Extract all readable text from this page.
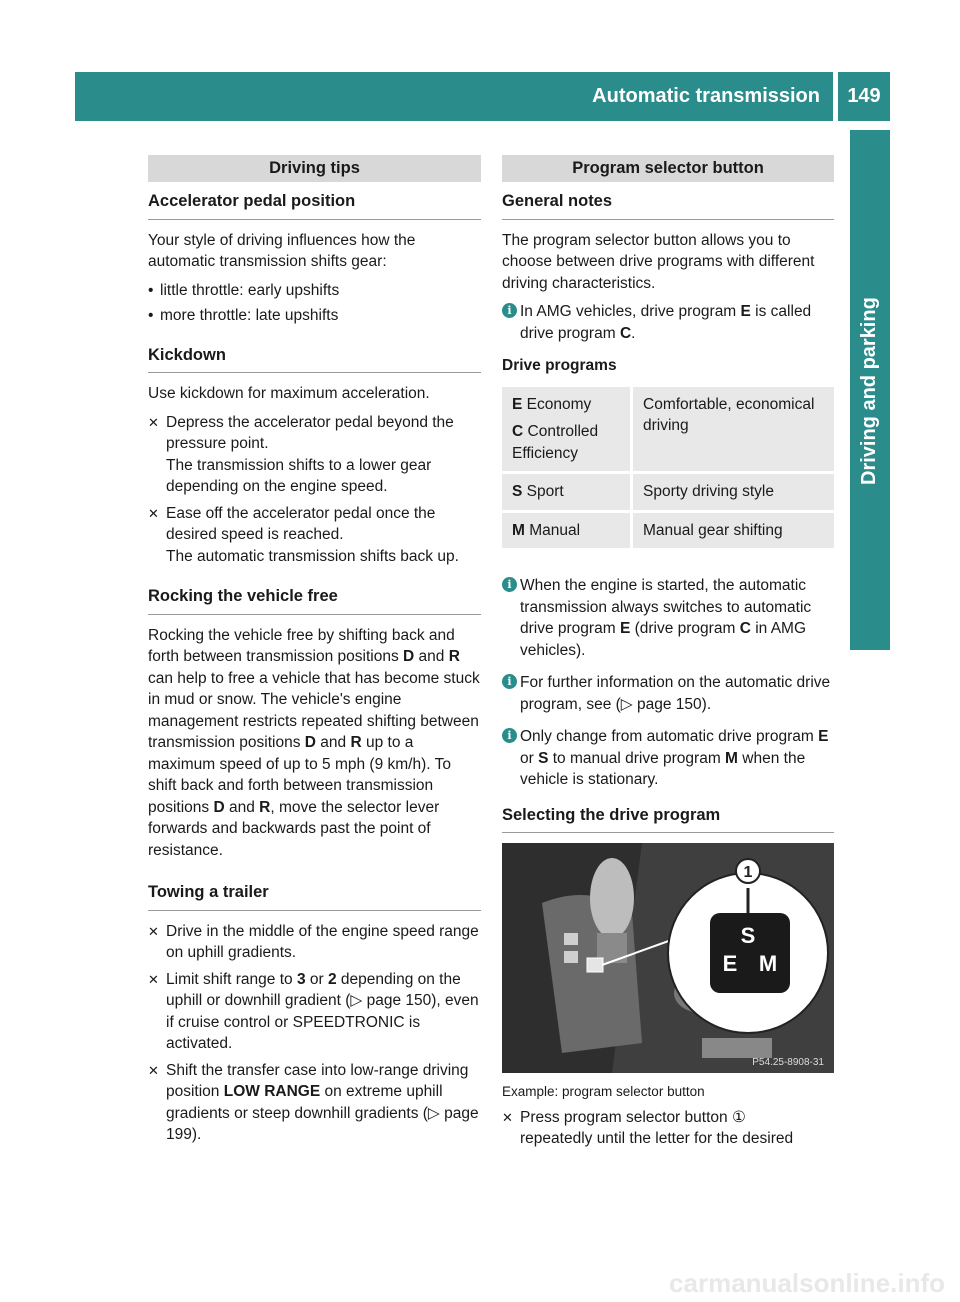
Automatic transmission	149
Driving and parking
Driving tips
Accelerator pedal position

Your style of driving influences how the automatic transmission shifts gear:

• little throttle: early upshifts
• more throttle: late upshifts
Kickdown

Use kickdown for maximum acceleration.

✕ Depress the accelerator pedal beyond the pressure point.
The transmission shifts to a lower gear depending on the engine speed.
✕ Ease off the accelerator pedal once the desired speed is reached.
The automatic transmission shifts back up.
Rocking the vehicle free

Rocking the vehicle free by shifting back and forth between transmission positions D and R can help to free a vehicle that has become stuck in mud or snow. The vehicle's engine management restricts repeated shifting between transmission positions D and R up to a maximum speed of up to 5 mph (9 km/h). To shift back and forth between transmission positions D and R, move the selector lever forwards and backwards past the point of resistance.

Towing a trailer
✕ Drive in the middle of the engine speed range on uphill gradients.
✕ Limit shift range to 3 or 2 depending on the uphill or downhill gradient (▷ page 150), even if cruise control or SPEEDTRONIC is activated.
✕ Shift the transfer case into low-range driving position LOW RANGE on extreme uphill gradients or steep downhill gradients (▷ page 199).
Program selector button
General notes

The program selector button allows you to choose between drive programs with different driving characteristics.

i In AMG vehicles, drive program E is called drive program C.

Drive programs

E Economy

C Controlled Efficiency	Comfortable, economical driving
S Sport	Sporty driving style
M Manual	Manual gear shifting
i When the engine is started, the automatic transmission always switches to automatic drive program E (drive program C in AMG vehicles).
i For further information on the automatic drive program, see (▷ page 150).
i Only change from automatic drive program E or S to manual drive program M when the vehicle is stationary.
Selecting the drive program
1
S
E M
P54.25-8908-31
Example: program selector button
✕ Press program selector button ①
repeatedly until the letter for the desired
carmanualsonline.info
